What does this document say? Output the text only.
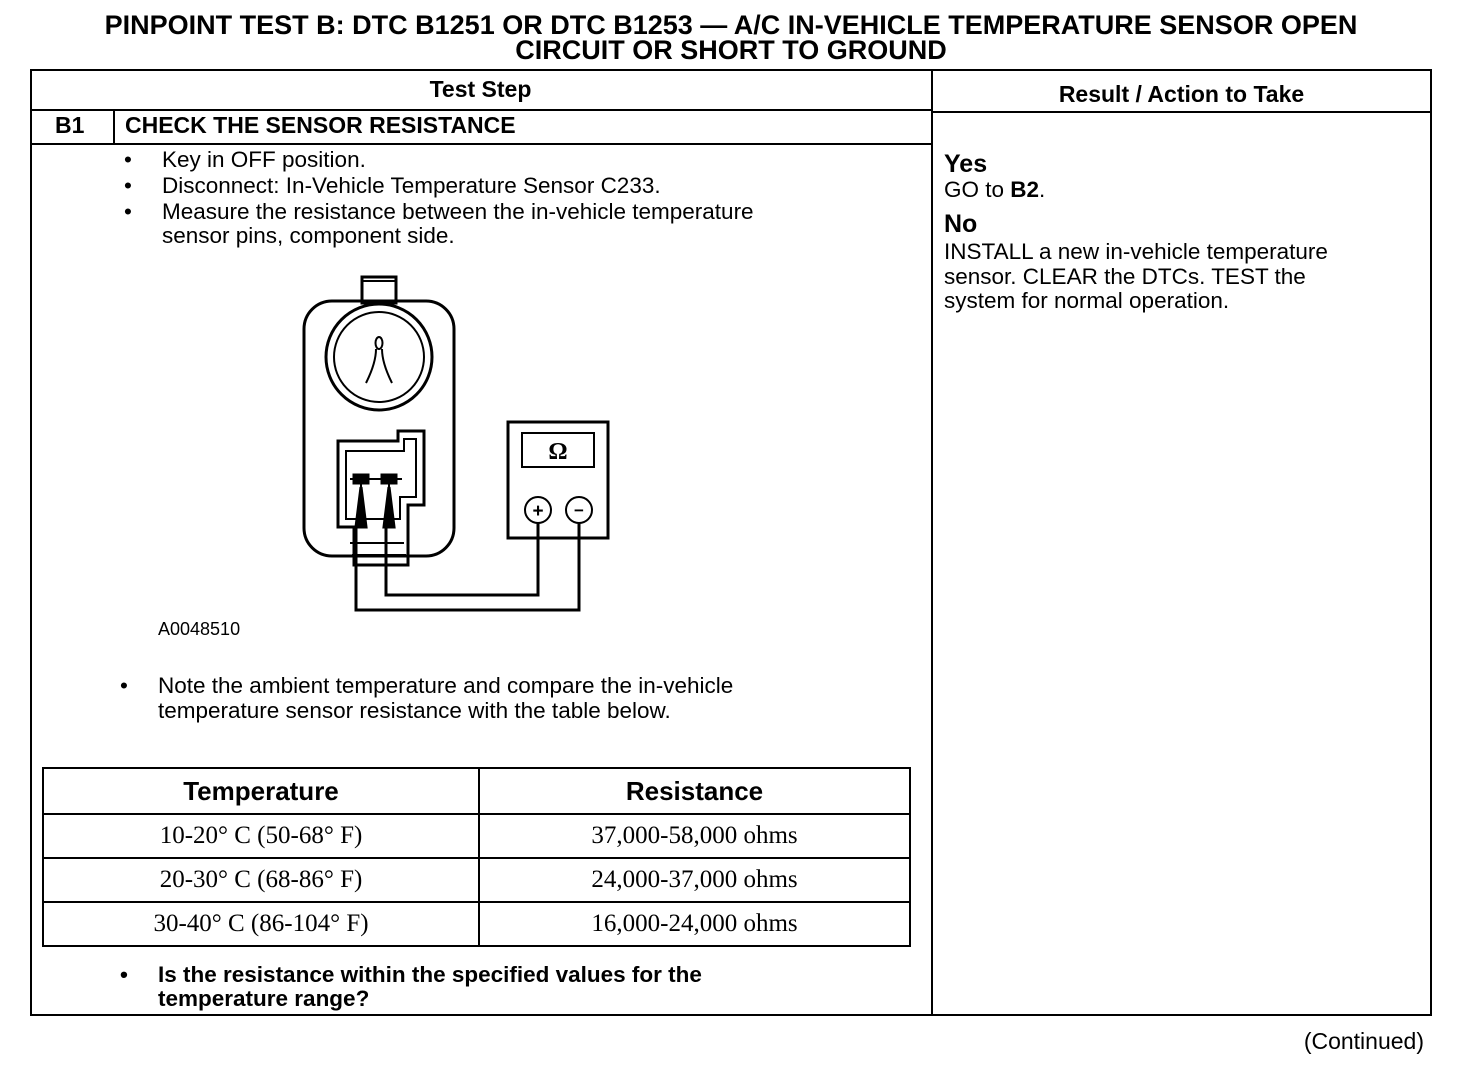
PINPOINT TEST B: DTC B1251 OR DTC B1253 — A/C IN-VEHICLE TEMPERATURE SENSOR OPEN
CIRCUIT OR SHORT TO GROUND
Test Step	Result / Action to Take
B1 CHECK THE SENSOR RESISTANCE
• Key in OFF position.
• Disconnect: In-Vehicle Temperature Sensor C233.
• Measure the resistance between the in-vehicle temperature
sensor pins, component side.
Ω
+ −
A0048510
• Note the ambient temperature and compare the in-vehicle
temperature sensor resistance with the table below.
Temperature	Resistance
10-20° C (50-68° F)	37,000-58,000 ohms
20-30° C (68-86° F)	24,000-37,000 ohms
30-40° C (86-104° F)	16,000-24,000 ohms
• Is the resistance within the specified values for the
temperature range?
Yes
GO to B2.
No
INSTALL a new in-vehicle temperature
sensor. CLEAR the DTCs. TEST the
system for normal operation.
(Continued)
